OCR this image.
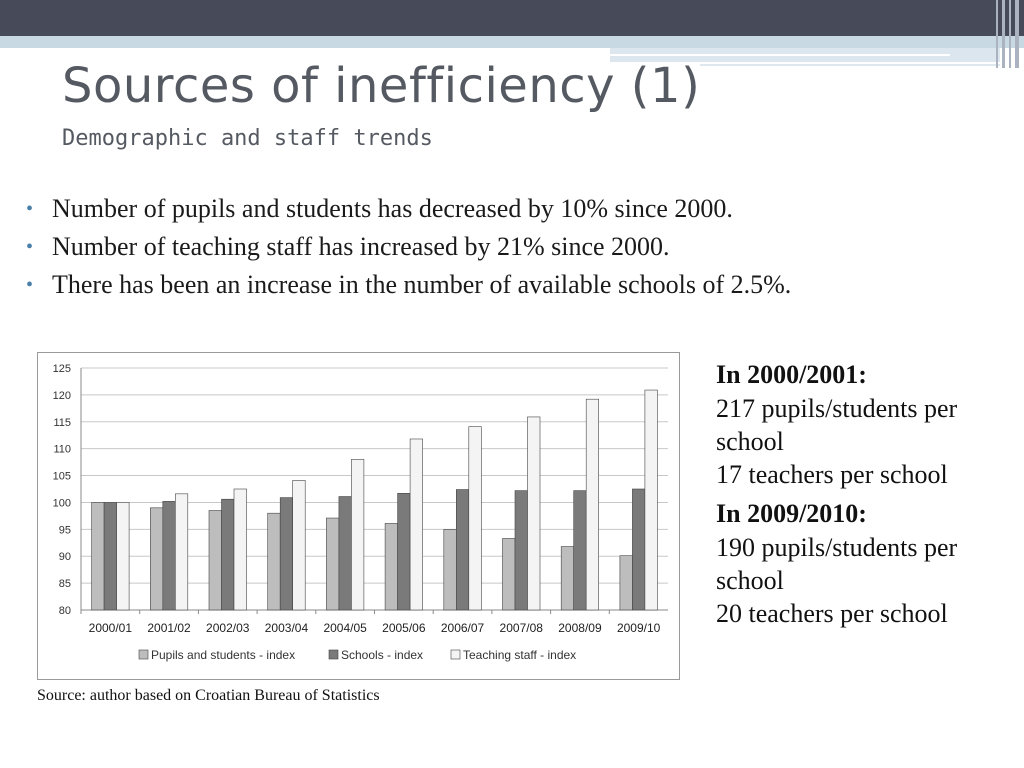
Sources of inefficiency (1)
Demographic and staff trends
• Number of pupils and students has decreased by 10% since 2000.
• Number of teaching staff has increased by 21% since 2000.
• There has been an increase in the number of available schools of 2.5%.
80
85
90
95
100
105
110
115
120
125
2000/01 2001/02 2002/03 2003/04 2004/05 2005/06 2006/07 2007/08 2008/09 2009/10
Pupils and students - index	Schools - index	Teaching staff - index
Source: author based on Croatian Bureau of Statistics
In 2000/2001:
217 pupils/students per school
17 teachers per school
In 2009/2010:
190 pupils/students per school
20 teachers per school
